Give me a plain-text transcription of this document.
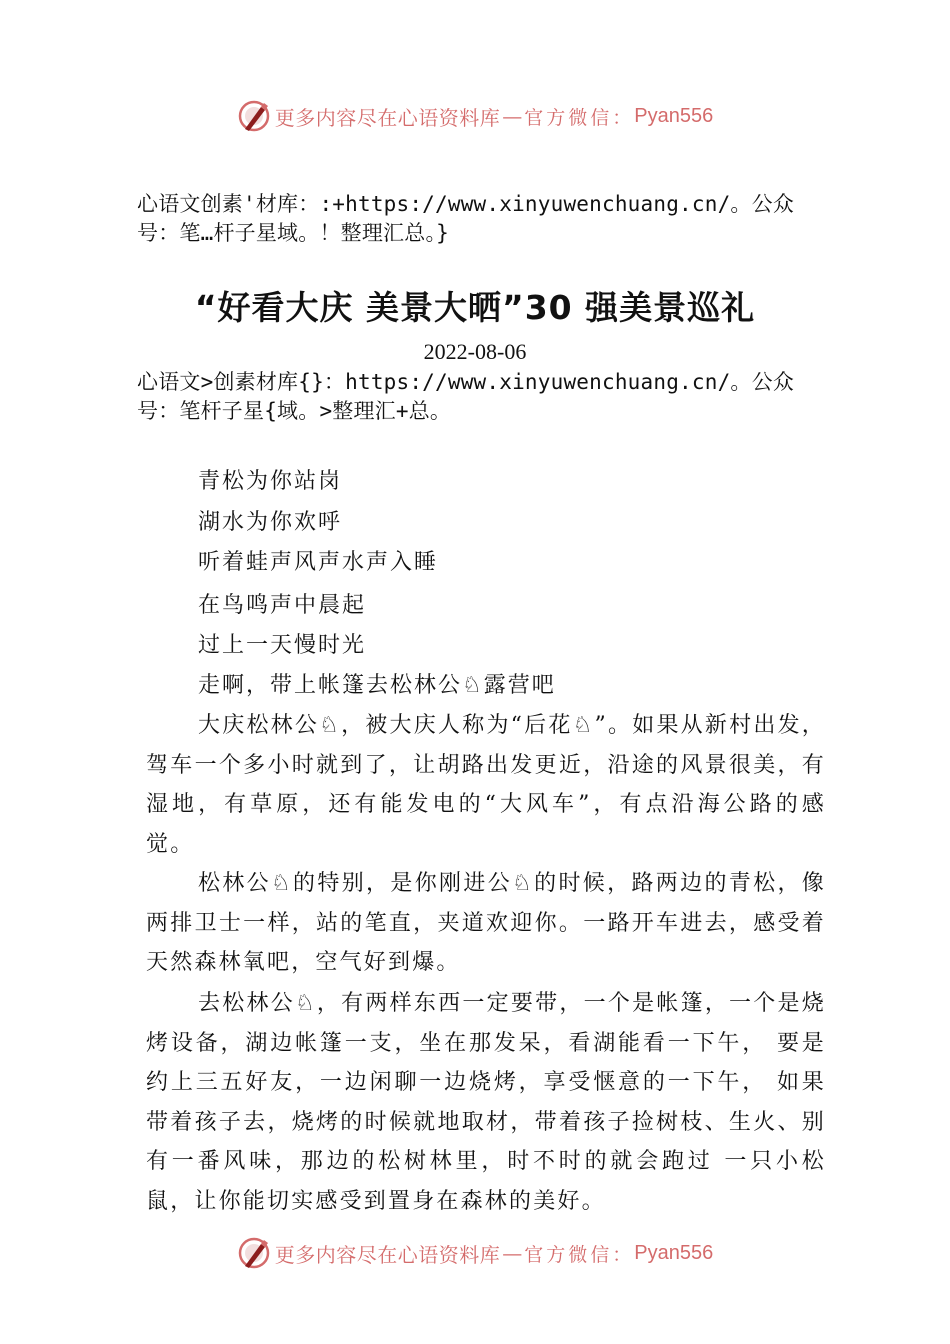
更多内容尽在心语资料库 — 官方微信： Pyan556
心语文创素'材库：:+https://www.xinyuwenchuang.cn/。公众号：笔…杆子星域。！整理汇总。}
“好看大庆 美景大晒”30 强美景巡礼
2022-08-06
心语文>创素材库{}：https://www.xinyuwenchuang.cn/。公众号：笔杆子星{域。>整理汇+总。
青松为你站岗
湖水为你欢呼
听着蛙声风声水声入睡
在鸟鸣声中晨起
过上一天慢时光
走啊，带上帐篷去松林公♘露营吧

大庆松林公♘，被大庆人称为“后花♘”。如果从新村出发，驾车一个多小时就到了，让胡路出发更近，沿途的风景很美，有湿地，有草原，还有能发电的“大风车”，有点沿海公路的感觉。

松林公♘的特别，是你刚进公♘的时候，路两边的青松，像两排卫士一样，站的笔直，夹道欢迎你。一路开车进去，感受着天然森林氧吧，空气好到爆。

去松林公♘，有两样东西一定要带，一个是帐篷，一个是烧烤设备，湖边帐篷一支，坐在那发呆，看湖能看一下午， 要是约上三五好友，一边闲聊一边烧烤，享受惬意的一下午， 如果带着孩子去，烧烤的时候就地取材，带着孩子捡树枝、生火、别有一番风味，那边的松树林里，时不时的就会跑过 一只小松鼠，让你能切实感受到置身在森林的美好。

更多内容尽在心语资料库 — 官方微信： Pyan556
